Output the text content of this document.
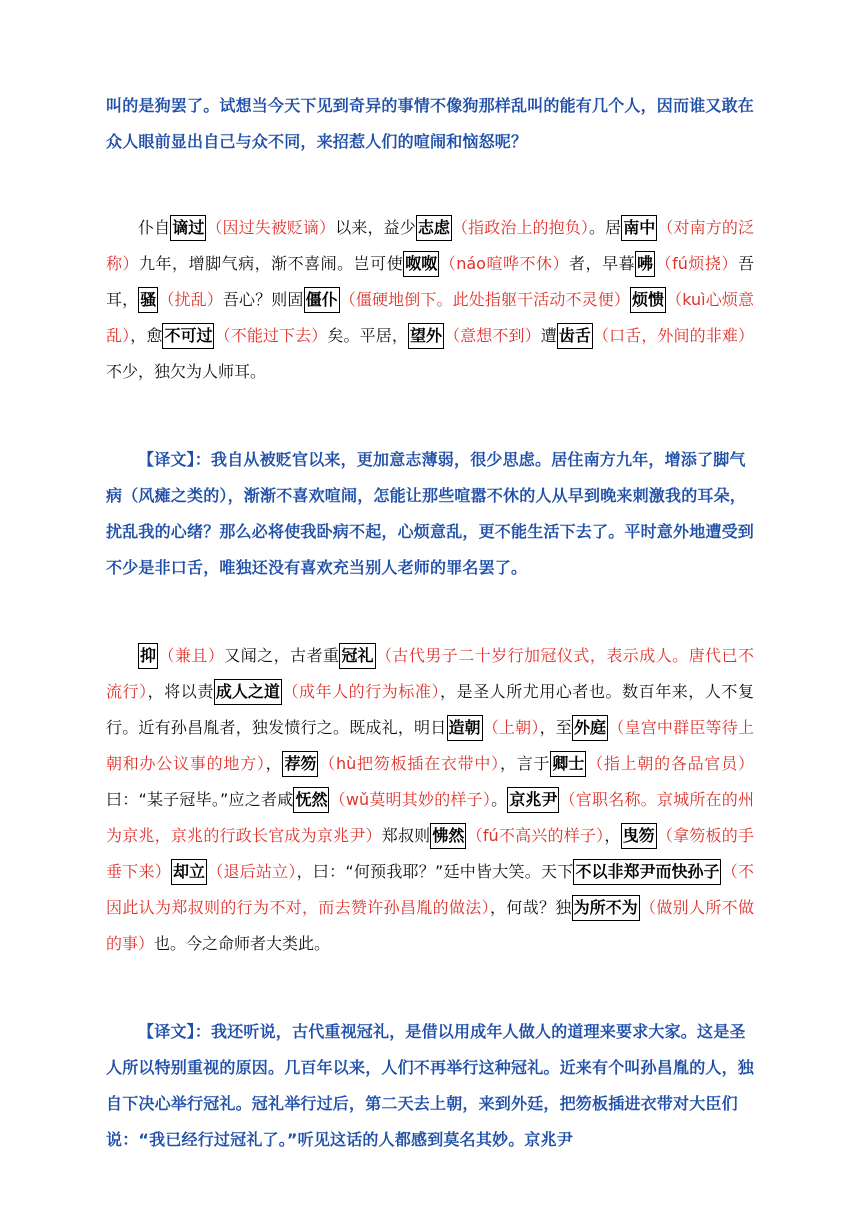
叫的是狗罢了。试想当今天下见到奇异的事情不像狗那样乱叫的能有几个人，因而谁又敢在众人眼前显出自己与众不同，来招惹人们的喧闹和恼怒呢？
仆自 谪过 （因过失被贬谪）以来，益少 志虑 （指政治上的抱负）。居 南中 （对南方的泛称）九年，增脚气病，渐不喜闹。岂可使 呶呶 （náo喧哗不休）者，早暮 咈 （fú烦挠）吾耳， 骚 （扰乱）吾心？则固 僵仆 （僵硬地倒下。此处指躯干活动不灵便） 烦愦 （kuì心烦意乱），愈 不可过 （不能过下去）矣。平居， 望外 （意想不到）遭 齿舌 （口舌，外间的非难）不少，独欠为人师耳。
【译文】：我自从被贬官以来，更加意志薄弱，很少思虑。居住南方九年，增添了脚气病（风瘫之类的），渐渐不喜欢喧闹，怎能让那些喧嚣不休的人从早到晚来刺激我的耳朵，扰乱我的心绪？那么必将使我卧病不起，心烦意乱，更不能生活下去了。平时意外地遭受到不少是非口舌，唯独还没有喜欢充当别人老师的罪名罢了。
抑 （兼且）又闻之，古者重 冠礼 （古代男子二十岁行加冠仪式，表示成人。唐代已不流行），将以责 成人之道 （成年人的行为标准），是圣人所尤用心者也。数百年来，人不复行。近有孙昌胤者，独发愤行之。既成礼，明日 造朝 （上朝），至 外庭 （皇宫中群臣等待上朝和办公议事的地方）， 荐笏 （hù把笏板插在衣带中），言于 卿士 （指上朝的各品官员）曰：“某子冠毕。”应之者咸 怃然 （wǔ莫明其妙的样子）。 京兆尹 （官职名称。京城所在的州为京兆，京兆的行政长官成为京兆尹）郑叔则 怫然 （fú不高兴的样子）， 曳笏 （拿笏板的手垂下来） 却立 （退后站立），曰：“何预我耶？”廷中皆大笑。天下 不以非郑尹而快孙子 （不因此认为郑叔则的行为不对，而去赞许孙昌胤的做法），何哉？独 为所不为 （做别人所不做的事）也。今之命师者大类此。
【译文】：我还听说，古代重视冠礼，是借以用成年人做人的道理来要求大家。这是圣人所以特别重视的原因。几百年以来，人们不再举行这种冠礼。近来有个叫孙昌胤的人，独自下决心举行冠礼。冠礼举行过后，第二天去上朝，来到外廷，把笏板插进衣带对大臣们说：“我已经行过冠礼了。”听见这话的人都感到莫名其妙。京兆尹
